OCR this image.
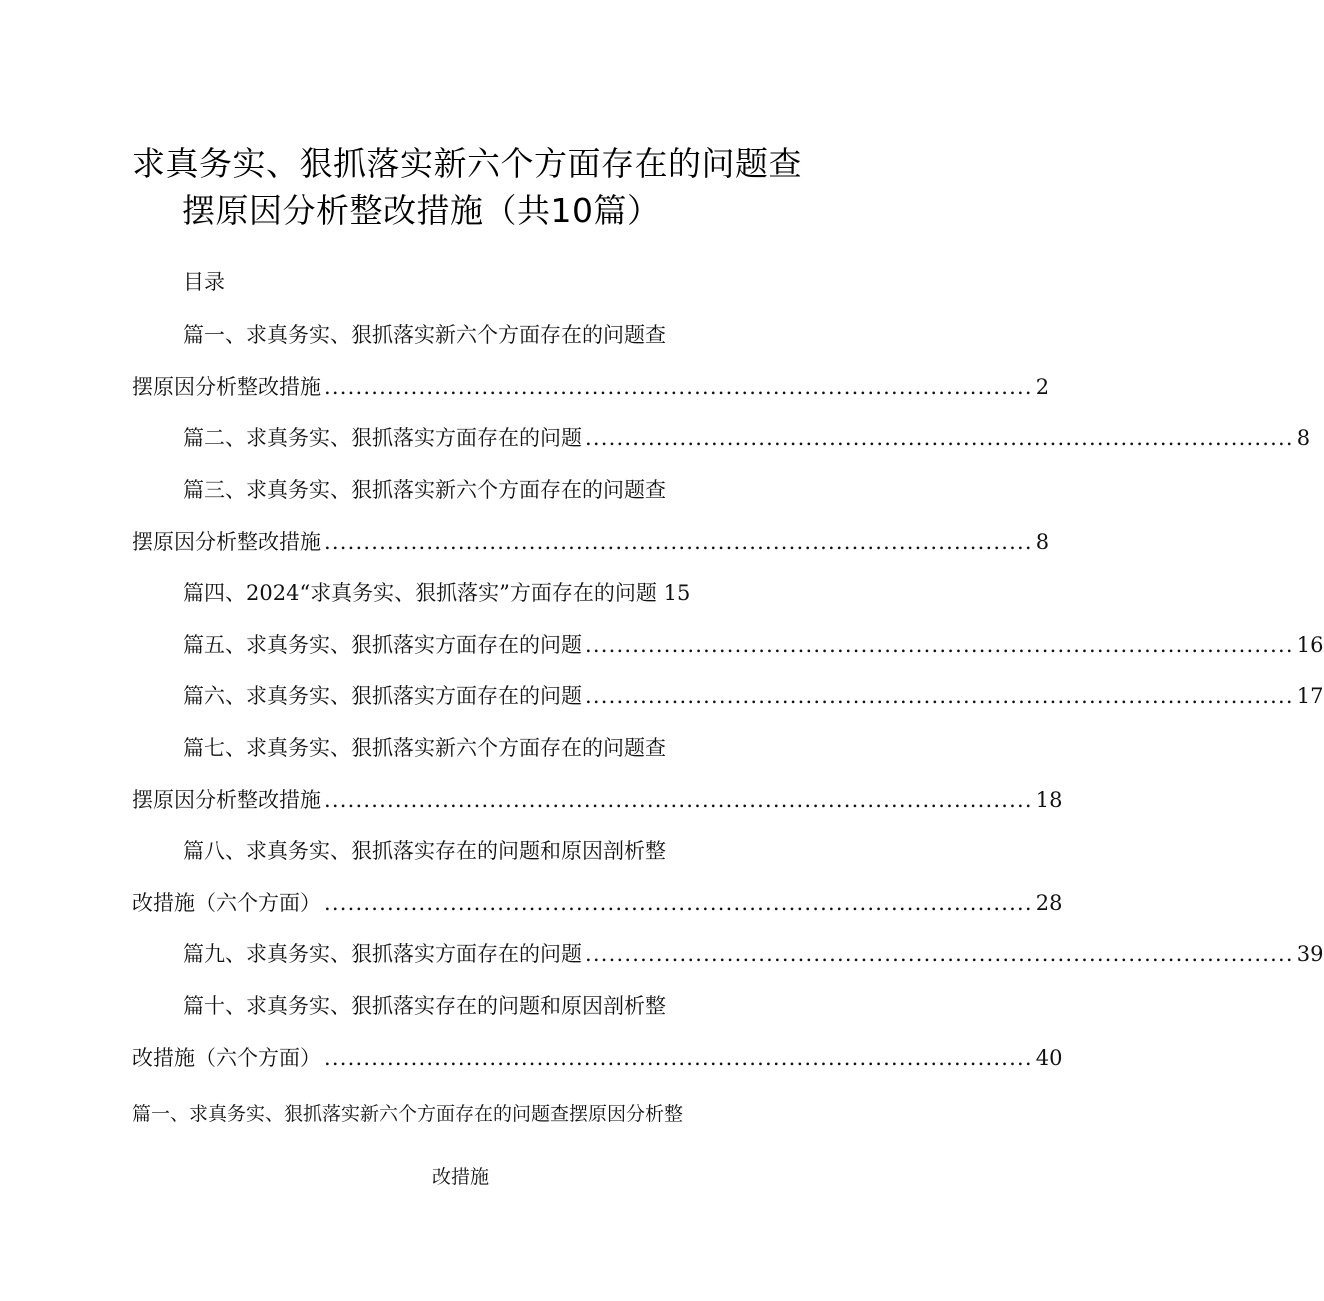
求真务实、狠抓落实新六个方面存在的问题查
摆原因分析整改措施（共10篇）
目录
篇一、求真务实、狠抓落实新六个方面存在的问题查
摆原因分析整改措施 .......................................................................................... 2
篇二、求真务实、狠抓落实方面存在的问题 .......................................................................................... 8
篇三、求真务实、狠抓落实新六个方面存在的问题查
摆原因分析整改措施 .......................................................................................... 8
篇四、2024“求真务实、狠抓落实”方面存在的问题 15
篇五、求真务实、狠抓落实方面存在的问题 .......................................................................................... 16
篇六、求真务实、狠抓落实方面存在的问题 .......................................................................................... 17
篇七、求真务实、狠抓落实新六个方面存在的问题查
摆原因分析整改措施 .......................................................................................... 18
篇八、求真务实、狠抓落实存在的问题和原因剖析整
改措施（六个方面） .......................................................................................... 28
篇九、求真务实、狠抓落实方面存在的问题 .......................................................................................... 39
篇十、求真务实、狠抓落实存在的问题和原因剖析整
改措施（六个方面） .......................................................................................... 40
篇一、求真务实、狠抓落实新六个方面存在的问题查摆原因分析整
改措施
